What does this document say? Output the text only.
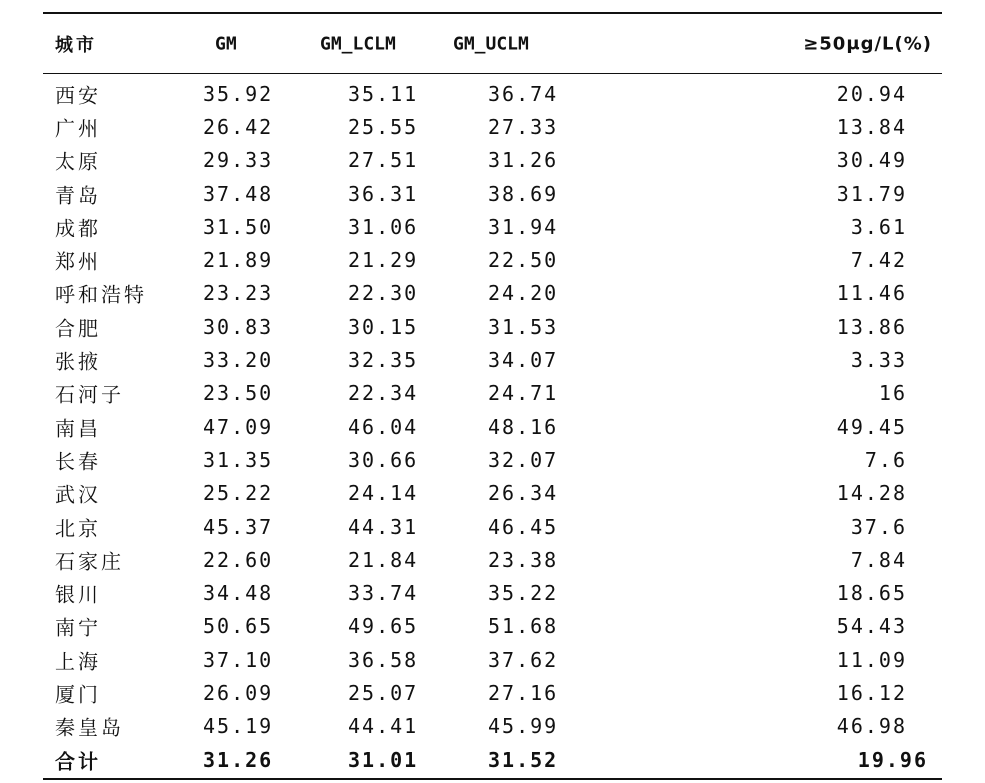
城市	GM	GM_LCLM	GM_UCLM	≥50μg/L(%)
西安	35.92	35.11	36.74	20.94
广州	26.42	25.55	27.33	13.84
太原	29.33	27.51	31.26	30.49
青岛	37.48	36.31	38.69	31.79
成都	31.50	31.06	31.94	3.61
郑州	21.89	21.29	22.50	7.42
呼和浩特	23.23	22.30	24.20	11.46
合肥	30.83	30.15	31.53	13.86
张掖	33.20	32.35	34.07	3.33
石河子	23.50	22.34	24.71	16
南昌	47.09	46.04	48.16	49.45
长春	31.35	30.66	32.07	7.6
武汉	25.22	24.14	26.34	14.28
北京	45.37	44.31	46.45	37.6
石家庄	22.60	21.84	23.38	7.84
银川	34.48	33.74	35.22	18.65
南宁	50.65	49.65	51.68	54.43
上海	37.10	36.58	37.62	11.09
厦门	26.09	25.07	27.16	16.12
秦皇岛	45.19	44.41	45.99	46.98
合计	31.26	31.01	31.52	19.96
